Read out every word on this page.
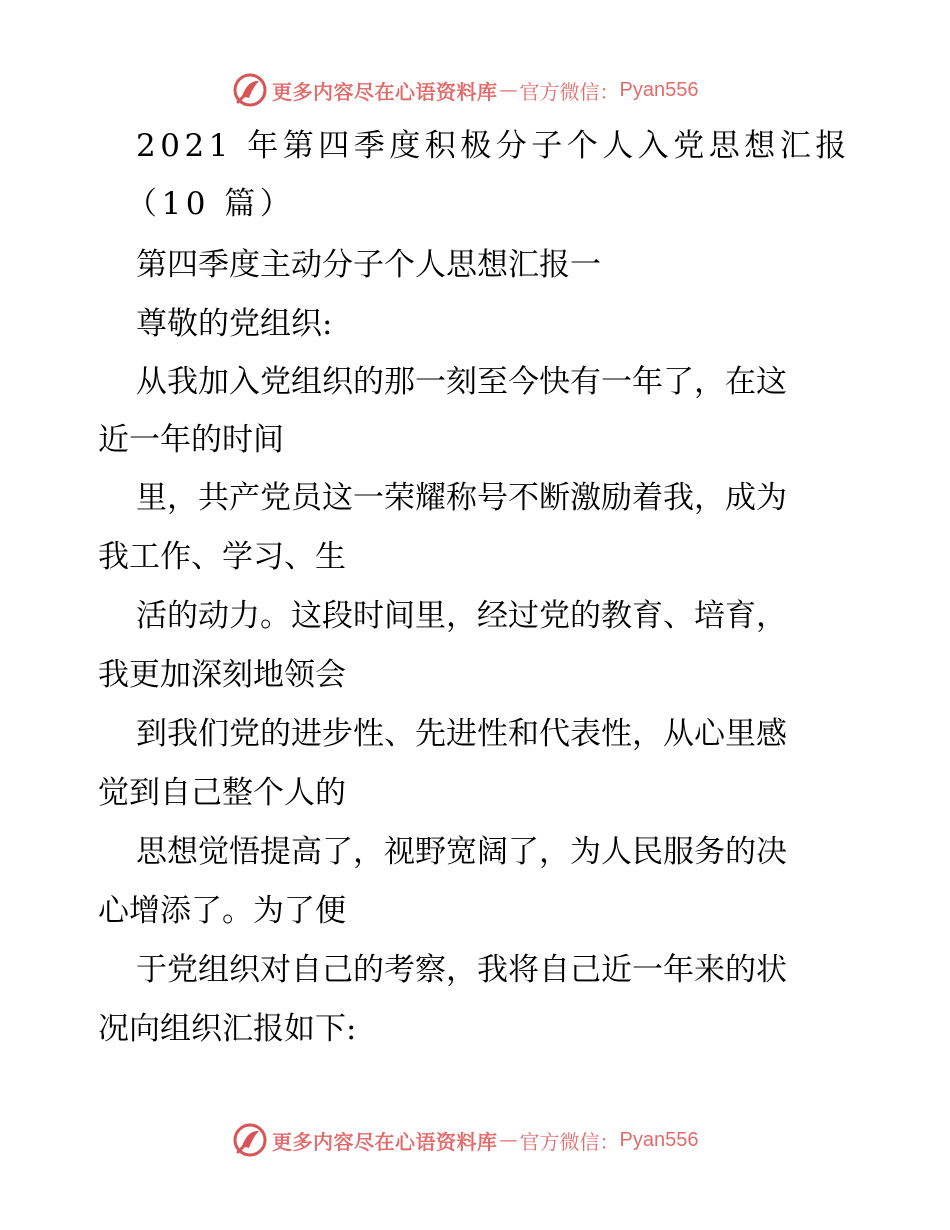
更多内容尽在心语资料库 — 官方微信： Pyan556
2021 年第四季度积极分子个人入党思想汇报
（10 篇）
第四季度主动分子个人思想汇报一
尊敬的党组织:
从我加入党组织的那一刻至今快有一年了，在这
近一年的时间
里，共产党员这一荣耀称号不断激励着我，成为
我工作、学习、生
活的动力。这段时间里，经过党的教育、培育，
我更加深刻地领会
到我们党的进步性、先进性和代表性，从心里感
觉到自己整个人的
思想觉悟提高了，视野宽阔了，为人民服务的决
心增添了。为了便
于党组织对自己的考察，我将自己近一年来的状
况向组织汇报如下:
更多内容尽在心语资料库 — 官方微信： Pyan556
